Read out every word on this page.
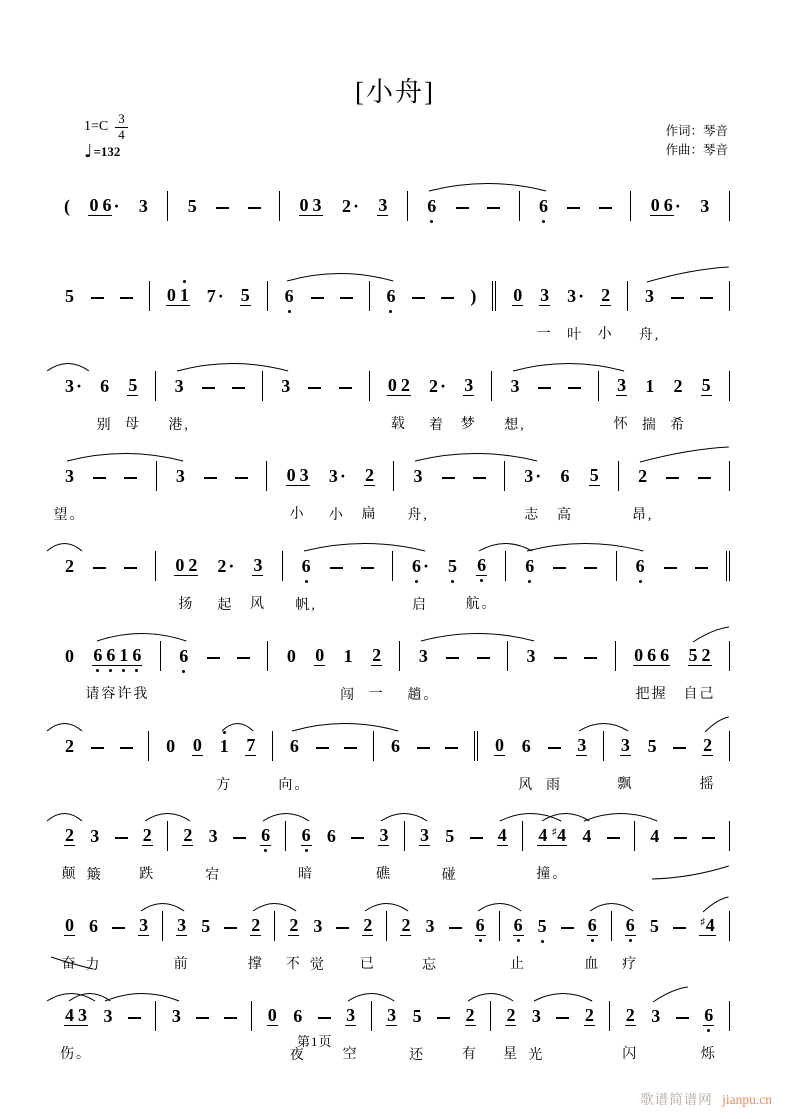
[小舟]
$1=C \frac{3}{4}$
♩ =132
作词：琴音
作曲：琴音
( 0 6 · 3 5	0 3 2 · 3 6	6	0 6 · 3
5	0 1 7 · 5 6	6	) 0 3
一
3 ·
叶
2
小
3
舟,
3 · 6
别
5
母
3
港,
3	0 2
载
2 ·
着
3
梦
3
想,
3
怀
1
揣
2
希
5
3
望。
3	0 3
小
3 ·
小
2
扁
3
舟,
3 ·
志
6
高
5 2
昂,
2	0 2
扬
2 ·
起
3
风
6
帆,
6 ·
启
5 6
航。
6	6
0 6 6 1 6
请容许我
6	0 0 1
闯
2
一
3
趟。
3	0 6 6
把握
5 2
自己
2	0 0 1
方
7 6
向。
6	0 6
风 雨
3 3
飘
5	2
摇
2
颠
3
簸
2
跌
2 3
宕
6 6
暗
6 3
礁
3 5
碰
4 4 ♯4
撞。
4	4
0
奋
6
力
3 3
前
5 2
撑
2
不
3
觉
2
已
2 3
忘
6 6
止
5 6
血
6
疗
5	♯4
4 3
伤。
3	3	0 6
夜
3
空
3 5
还
2
有
2
星
3
光
2 2
闪
3 6
烁
第1页
歌谱简谱网 jianpu.cn
